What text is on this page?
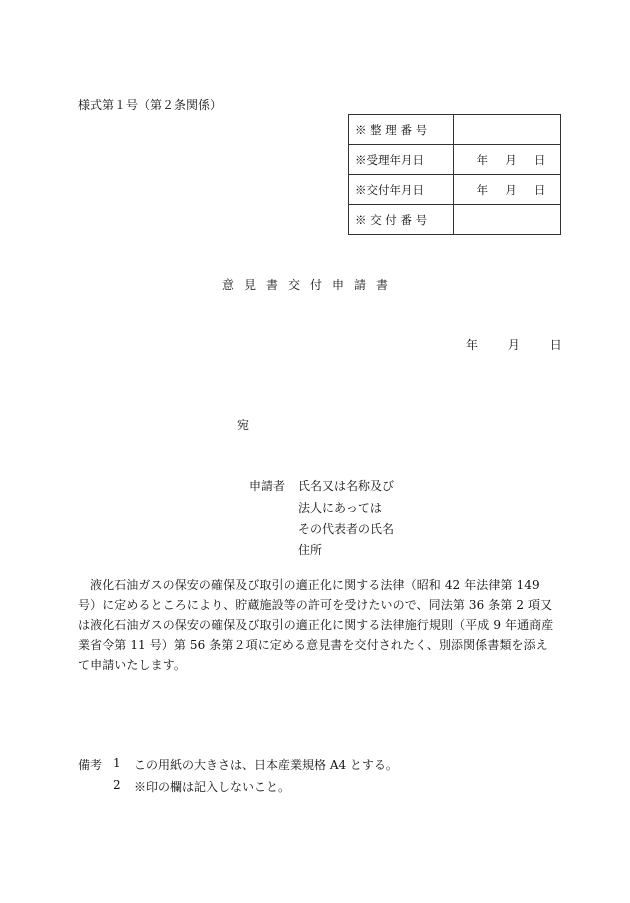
様式第１号（第２条関係）
※ 整 理 番 号	
※受理年月日	年 月 日

※交付年月日	年 月 日

※ 交 付 番 号	
意見書交付申請書
年 月 日
宛
申請者 氏名又は名称及び
法人にあっては
その代表者の氏名
住所
液化石油ガスの保安の確保及び取引の適正化に関する法律（昭和 42 年法律第 149 号）に定めるところにより、貯蔵施設等の許可を受けたいので、同法第 36 条第 2 項又は液化石油ガスの保安の確保及び取引の適正化に関する法律施行規則（平成 9 年通商産業省令第 11 号）第 56 条第２項に定める意見書を交付されたく、別添関係書類を添えて申請いたします。
備考 1 この用紙の大きさは、日本産業規格 A4 とする。
2 ※印の欄は記入しないこと。
